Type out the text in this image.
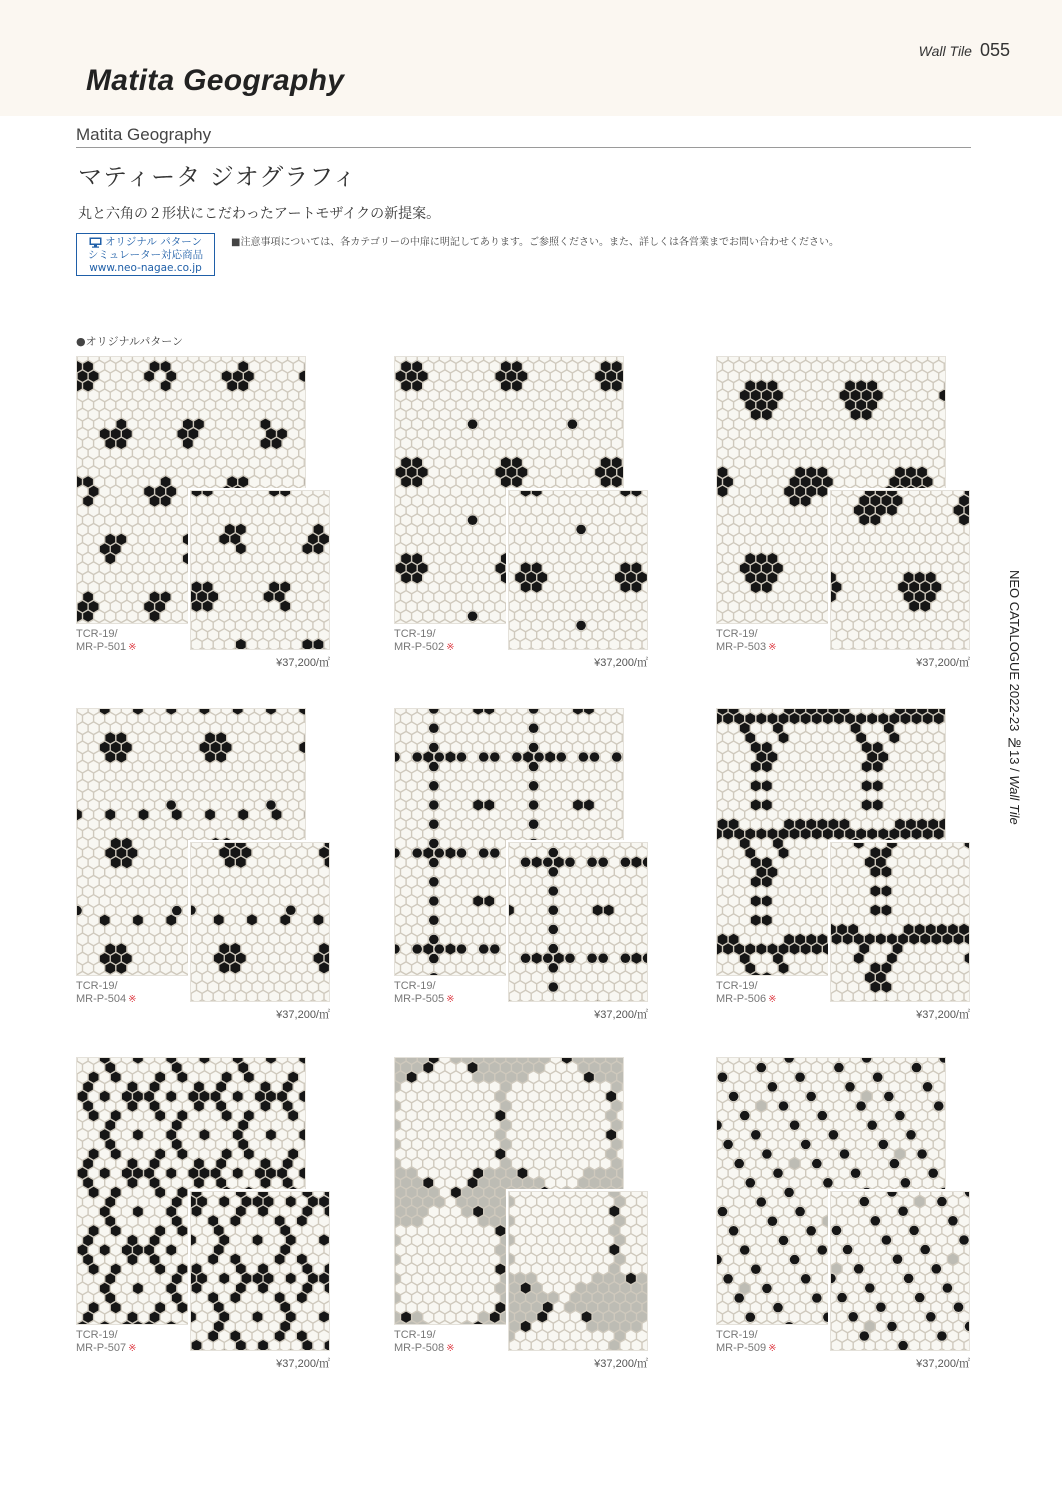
Matita Geography
Wall Tile 055
Matita Geography
マティータ ジオグラフィ
丸と六角の２形状にこだわったアートモザイクの新提案。
オリジナル パターン
シミュレーター対応商品
www.neo-nagae.co.jp
■注意事項については、各カテゴリーの中扉に明記してあります。ご参照ください。また、詳しくは各営業までお問い合わせください。
●オリジナルパターン
TCR-19/
MR-P-501 ※
¥37,200/㎡
TCR-19/
MR-P-502 ※
¥37,200/㎡
TCR-19/
MR-P-503 ※
¥37,200/㎡
TCR-19/
MR-P-504 ※
¥37,200/㎡
TCR-19/
MR-P-505 ※
¥37,200/㎡
TCR-19/
MR-P-506 ※
¥37,200/㎡
TCR-19/
MR-P-507 ※
¥37,200/㎡
TCR-19/
MR-P-508 ※
¥37,200/㎡
TCR-19/
MR-P-509 ※
¥37,200/㎡
NEO CATALOGUE 2022-23 №13 / Wall Tile
